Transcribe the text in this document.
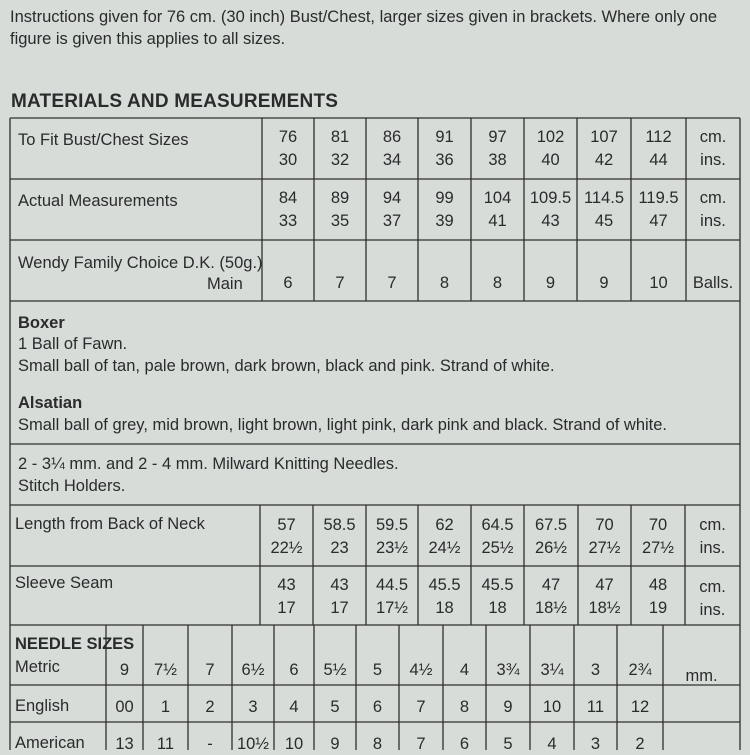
Instructions given for 76 cm. (30 inch) Bust/Chest, larger sizes given in brackets. Where only one figure is given this applies to all sizes.
MATERIALS AND MEASUREMENTS
To Fit Bust/Chest Sizes	76	81	86	91	97	102	107	112	cm.
30	32	34	36	38	40	42	44	ins.
Actual Measurements	84	89	94	99	104	109.5 114.5 119.5	cm.
33	35	37	39	41	43	45	47	ins.
Wendy Family Choice D.K. (50g.)
Main	6	7	7	8	8	9	9	10	Balls.
Boxer
1 Ball of Fawn.
Small ball of tan, pale brown, dark brown, black and pink. Strand of white.
Alsatian
Small ball of grey, mid brown, light brown, light pink, dark pink and black. Strand of white.
2 - 3¼ mm. and 2 - 4 mm. Milward Knitting Needles.
Stitch Holders.
Length from Back of Neck	57	58.5	59.5	62	64.5	67.5	70	70	cm.
22½	23	23½	24½	25½	26½	27½	27½	ins.
Sleeve Seam	43	43	44.5	45.5	45.5	47	47	48	cm.
17	17	17½	18	18	18½	18½	19	ins.
NEEDLE SIZES
Metric	9	7½	7	6½	6	5½	5	4½	4	3¾	3¼	3	2¾	mm.
English	00	1	2	3	4	5	6	7	8	9	10	11	12
American	13	11	-	10½ 10	9	8	7	6	5	4	3	2
